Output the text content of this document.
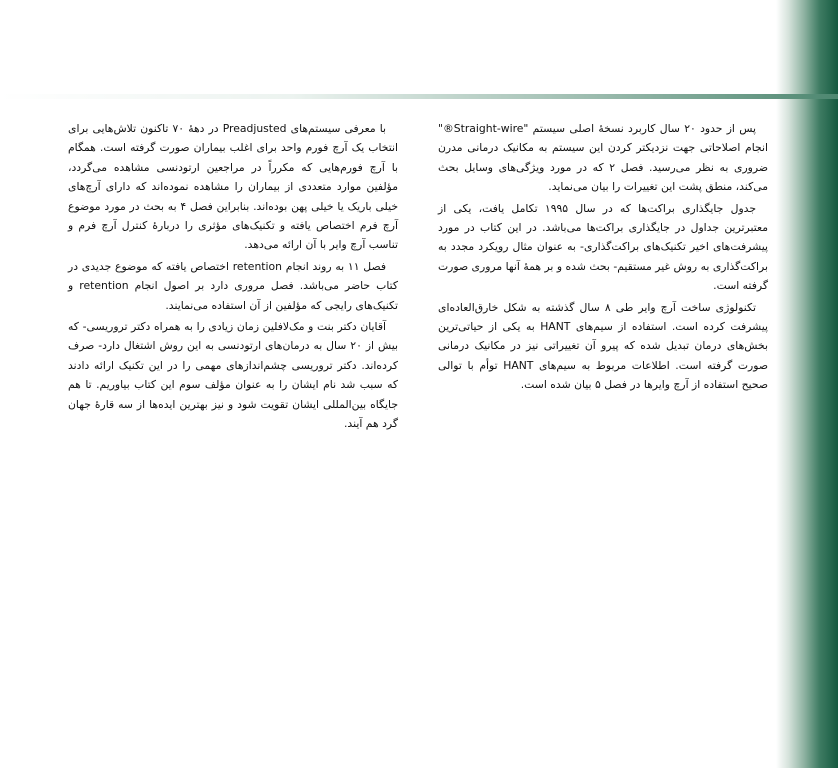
پس از حدود ۲۰ سال کاربرد نسخهٔ اصلی سیستم "Straight-wire®" انجام اصلاحاتی جهت نزدیکتر کردن این سیستم به مکانیک درمانی مدرن ضروری به نظر می‌رسید. فصل ۲ که در مورد ویژگی‌های وسایل بحث می‌کند، منطق پشت این تغییرات را بیان می‌نماید.

جدول جایگذاری براکت‌ها که در سال ۱۹۹۵ تکامل یافت، یکی از معتبرترین جداول در جایگذاری براکت‌ها می‌باشد. در این کتاب در مورد پیشرفت‌های اخیر تکنیک‌های براکت‌گذاری- به عنوان مثال رویکرد مجدد به براکت‌گذاری به روش غیر مستقیم- بحث شده و بر همهٔ آنها مروری صورت گرفته است.

تکنولوژی ساخت آرچ وایر طی ۸ سال گذشته به شکل خارق‌العاده‌ای پیشرفت کرده است. استفاده از سیم‌های HANT به یکی از حیاتی‌ترین بخش‌های درمان تبدیل شده که پیرو آن تغییراتی نیز در مکانیک درمانی صورت گرفته است. اطلاعات مربوط به سیم‌های HANT توأم با توالی صحیح استفاده از آرچ وایرها در فصل ۵ بیان شده است.

با معرفی سیستم‌های Preadjusted در دههٔ ۷۰ تاکنون تلاش‌هایی برای انتخاب یک آرچ فورم واحد برای اغلب بیماران صورت گرفته است. همگام با آرچ فورم‌هایی که مکرراً در مراجعین ارتودنسی مشاهده می‌گردد، مؤلفین موارد متعددی از بیماران را مشاهده نموده‌اند که دارای آرچ‌های خیلی باریک یا خیلی پهن بوده‌اند. بنابراین فصل ۴ به بحث در مورد موضوع آرچ فرم اختصاص یافته و تکنیک‌های مؤثری را دربارهٔ کنترل آرچ فرم و تناسب آرچ وایر با آن ارائه می‌دهد.

فصل ۱۱ به روند انجام retention اختصاص یافته که موضوع جدیدی در کتاب حاضر می‌باشد. فصل مروری دارد بر اصول انجام retention و تکنیک‌های رایجی که مؤلفین از آن استفاده می‌نمایند.

آقایان دکتر بنت و مک‌لافلین زمان زیادی را به همراه دکتر تروریسی- که بیش از ۲۰ سال به درمان‌های ارتودنسی به این روش اشتغال دارد- صرف کرده‌اند. دکتر تروریسی چشم‌اندازهای مهمی را در این تکنیک ارائه دادند که سبب شد نام ایشان را به عنوان مؤلف سوم این کتاب بیاوریم. تا هم جایگاه بین‌المللی ایشان تقویت شود و نیز بهترین ایده‌ها از سه قارهٔ جهان گرد هم آیند.
